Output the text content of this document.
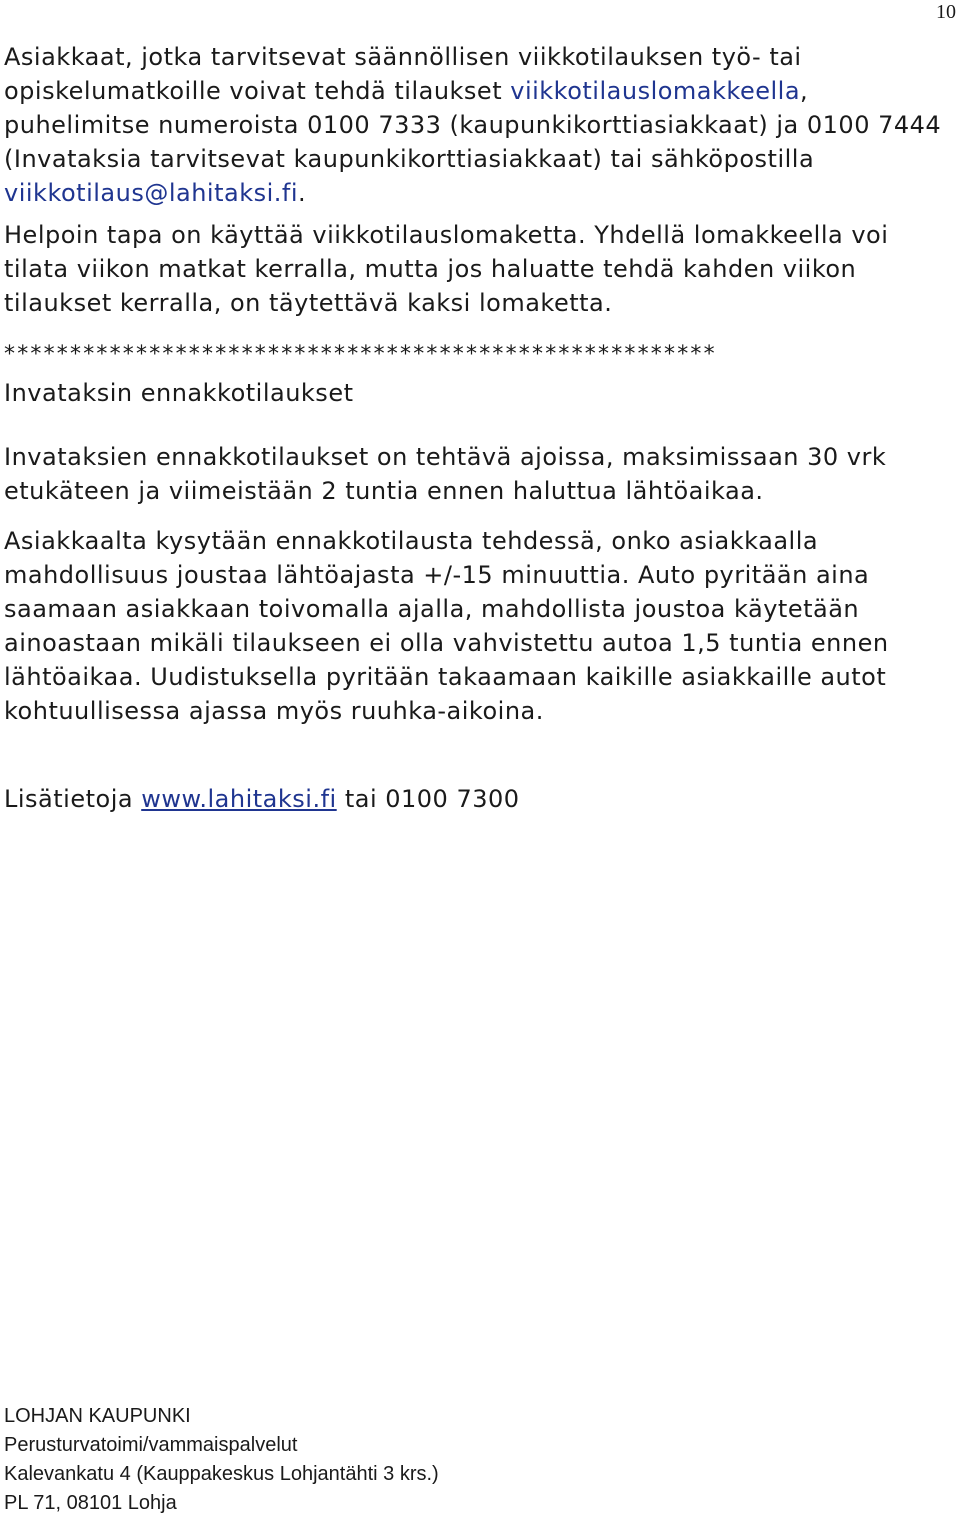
10

Asiakkaat, jotka tarvitsevat säännöllisen viikkotilauksen työ- tai opiskelumatkoille voivat tehdä tilaukset viikkotilauslomakkeella, puhelimitse numeroista 0100 7333 (kaupunkikorttiasiakkaat) ja 0100 7444 (Invataksia tarvitsevat kaupunkikorttiasiakkaat) tai sähköpostilla viikkotilaus@lahitaksi.fi.

Helpoin tapa on käyttää viikkotilauslomaketta. Yhdellä lomakkeella voi tilata viikon matkat kerralla, mutta jos haluatte tehdä kahden viikon tilaukset kerralla, on täytettävä kaksi lomaketta.

******************************************************

Invataksin ennakkotilaukset

Invataksien ennakkotilaukset on tehtävä ajoissa, maksimissaan 30 vrk etukäteen ja viimeistään 2 tuntia ennen haluttua lähtöaikaa.

Asiakkaalta kysytään ennakkotilausta tehdessä, onko asiakkaalla mahdollisuus joustaa lähtöajasta +/-15 minuuttia. Auto pyritään aina saamaan asiakkaan toivomalla ajalla, mahdollista joustoa käytetään ainoastaan mikäli tilaukseen ei olla vahvistettu autoa 1,5 tuntia ennen lähtöaikaa. Uudistuksella pyritään takaamaan kaikille asiakkaille autot kohtuullisessa ajassa myös ruuhka-aikoina.

Lisätietoja www.lahitaksi.fi tai 0100 7300

LOHJAN KAUPUNKI
Perusturvatoimi/vammaispalvelut
Kalevankatu 4 (Kauppakeskus Lohjantähti 3 krs.)
PL 71, 08101 Lohja
